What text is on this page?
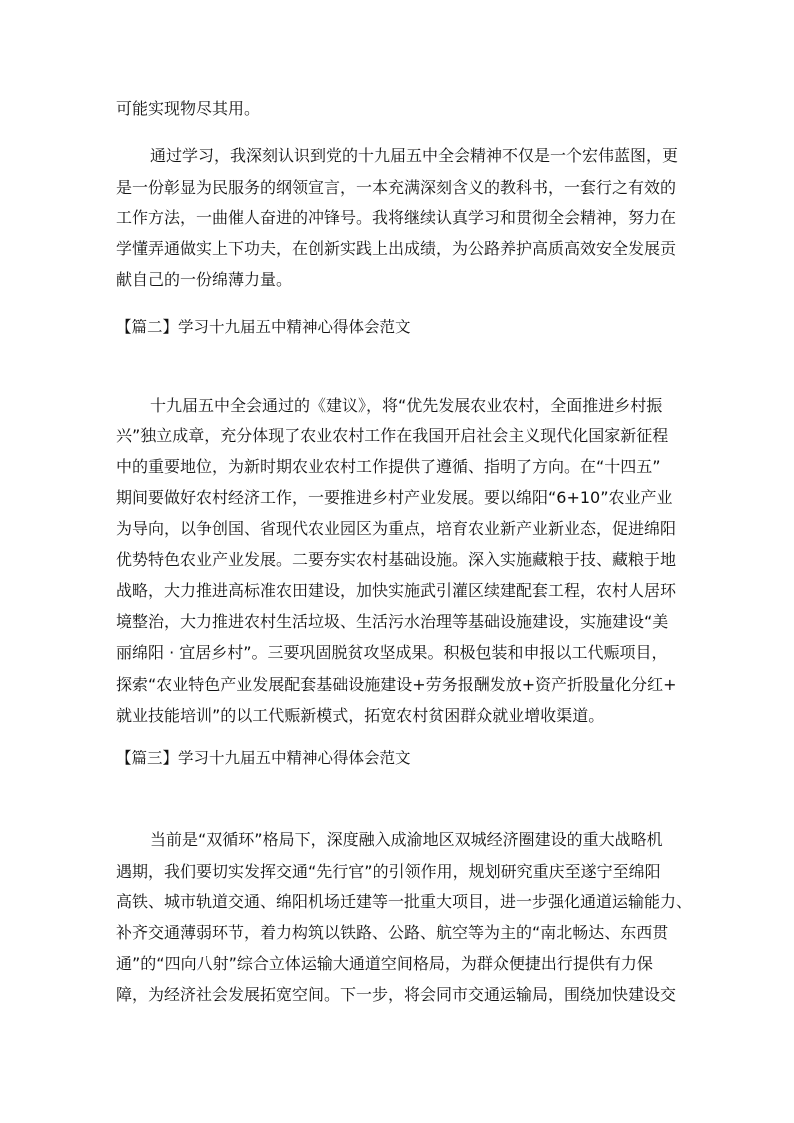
可能实现物尽其用。
通过学习，我深刻认识到党的十九届五中全会精神不仅是一个宏伟蓝图，更
是一份彰显为民服务的纲领宣言，一本充满深刻含义的教科书，一套行之有效的
工作方法，一曲催人奋进的冲锋号。我将继续认真学习和贯彻全会精神，努力在
学懂弄通做实上下功夫，在创新实践上出成绩，为公路养护高质高效安全发展贡
献自己的一份绵薄力量。
【篇二】学习十九届五中精神心得体会范文
十九届五中全会通过的《建议》，将“优先发展农业农村，全面推进乡村振
兴”独立成章，充分体现了农业农村工作在我国开启社会主义现代化国家新征程
中的重要地位，为新时期农业农村工作提供了遵循、指明了方向。在“十四五”
期间要做好农村经济工作，一要推进乡村产业发展。要以绵阳“6+10”农业产业
为导向，以争创国、省现代农业园区为重点，培育农业新产业新业态，促进绵阳
优势特色农业产业发展。二要夯实农村基础设施。深入实施藏粮于技、藏粮于地
战略，大力推进高标准农田建设，加快实施武引灌区续建配套工程，农村人居环
境整治，大力推进农村生活垃圾、生活污水治理等基础设施建设，实施建设“美
丽绵阳 · 宜居乡村”。三要巩固脱贫攻坚成果。积极包装和申报以工代赈项目，
探索“农业特色产业发展配套基础设施建设+劳务报酬发放+资产折股量化分红+
就业技能培训”的以工代赈新模式，拓宽农村贫困群众就业增收渠道。
【篇三】学习十九届五中精神心得体会范文
当前是“双循环”格局下，深度融入成渝地区双城经济圈建设的重大战略机
遇期，我们要切实发挥交通“先行官”的引领作用，规划研究重庆至遂宁至绵阳
高铁、城市轨道交通、绵阳机场迁建等一批重大项目，进一步强化通道运输能力、
补齐交通薄弱环节，着力构筑以铁路、公路、航空等为主的“南北畅达、东西贯
通”的“四向八射”综合立体运输大通道空间格局，为群众便捷出行提供有力保
障，为经济社会发展拓宽空间。下一步，将会同市交通运输局，围绕加快建设交
